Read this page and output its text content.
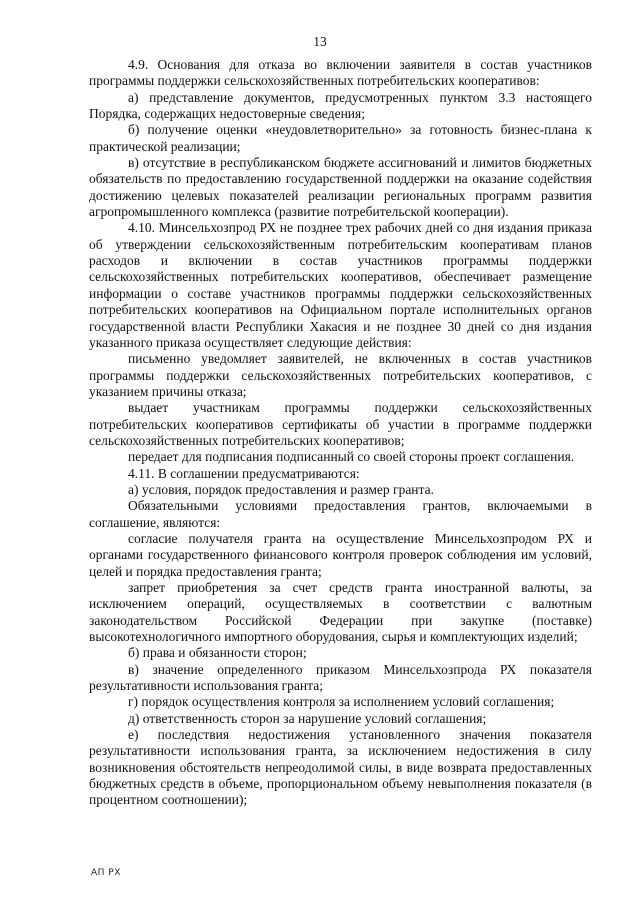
13

4.9. Основания для отказа во включении заявителя в состав участников программы поддержки сельскохозяйственных потребительских кооперативов:

а) представление документов, предусмотренных пунктом 3.3 настоящего Порядка, содержащих недостоверные сведения;

б) получение оценки «неудовлетворительно» за готовность бизнес-плана к практической реализации;

в) отсутствие в республиканском бюджете ассигнований и лимитов бюджетных обязательств по предоставлению государственной поддержки на оказание содействия достижению целевых показателей реализации региональных программ развития агропромышленного комплекса (развитие потребительской кооперации).

4.10. Минсельхозпрод РХ не позднее трех рабочих дней со дня издания приказа об утверждении сельскохозяйственным потребительским кооперативам планов расходов и включении в состав участников программы поддержки сельскохозяйственных потребительских кооперативов, обеспечивает размещение информации о составе участников программы поддержки сельскохозяйственных потребительских кооперативов на Официальном портале исполнительных органов государственной власти Республики Хакасия и не позднее 30 дней со дня издания указанного приказа осуществляет следующие действия:

письменно уведомляет заявителей, не включенных в состав участников программы поддержки сельскохозяйственных потребительских кооперативов, с указанием причины отказа;

выдает участникам программы поддержки сельскохозяйственных потребительских кооперативов сертификаты об участии в программе поддержки сельскохозяйственных потребительских кооперативов;

передает для подписания подписанный со своей стороны проект соглашения.

4.11. В соглашении предусматриваются:

а) условия, порядок предоставления и размер гранта.

Обязательными условиями предоставления грантов, включаемыми в соглашение, являются:

согласие получателя гранта на осуществление Минсельхозпродом РХ и органами государственного финансового контроля проверок соблюдения им условий, целей и порядка предоставления гранта;

запрет приобретения за счет средств гранта иностранной валюты, за исключением операций, осуществляемых в соответствии с валютным законодательством Российской Федерации при закупке (поставке) высокотехнологичного импортного оборудования, сырья и комплектующих изделий;

б) права и обязанности сторон;

в) значение определенного приказом Минсельхозпрода РХ показателя результативности использования гранта;

г) порядок осуществления контроля за исполнением условий соглашения;

д) ответственность сторон за нарушение условий соглашения;

е) последствия недостижения установленного значения показателя результативности использования гранта, за исключением недостижения в силу возникновения обстоятельств непреодолимой силы, в виде возврата предоставленных бюджетных средств в объеме, пропорциональном объему невыполнения показателя (в процентном соотношении);

АП РХ
